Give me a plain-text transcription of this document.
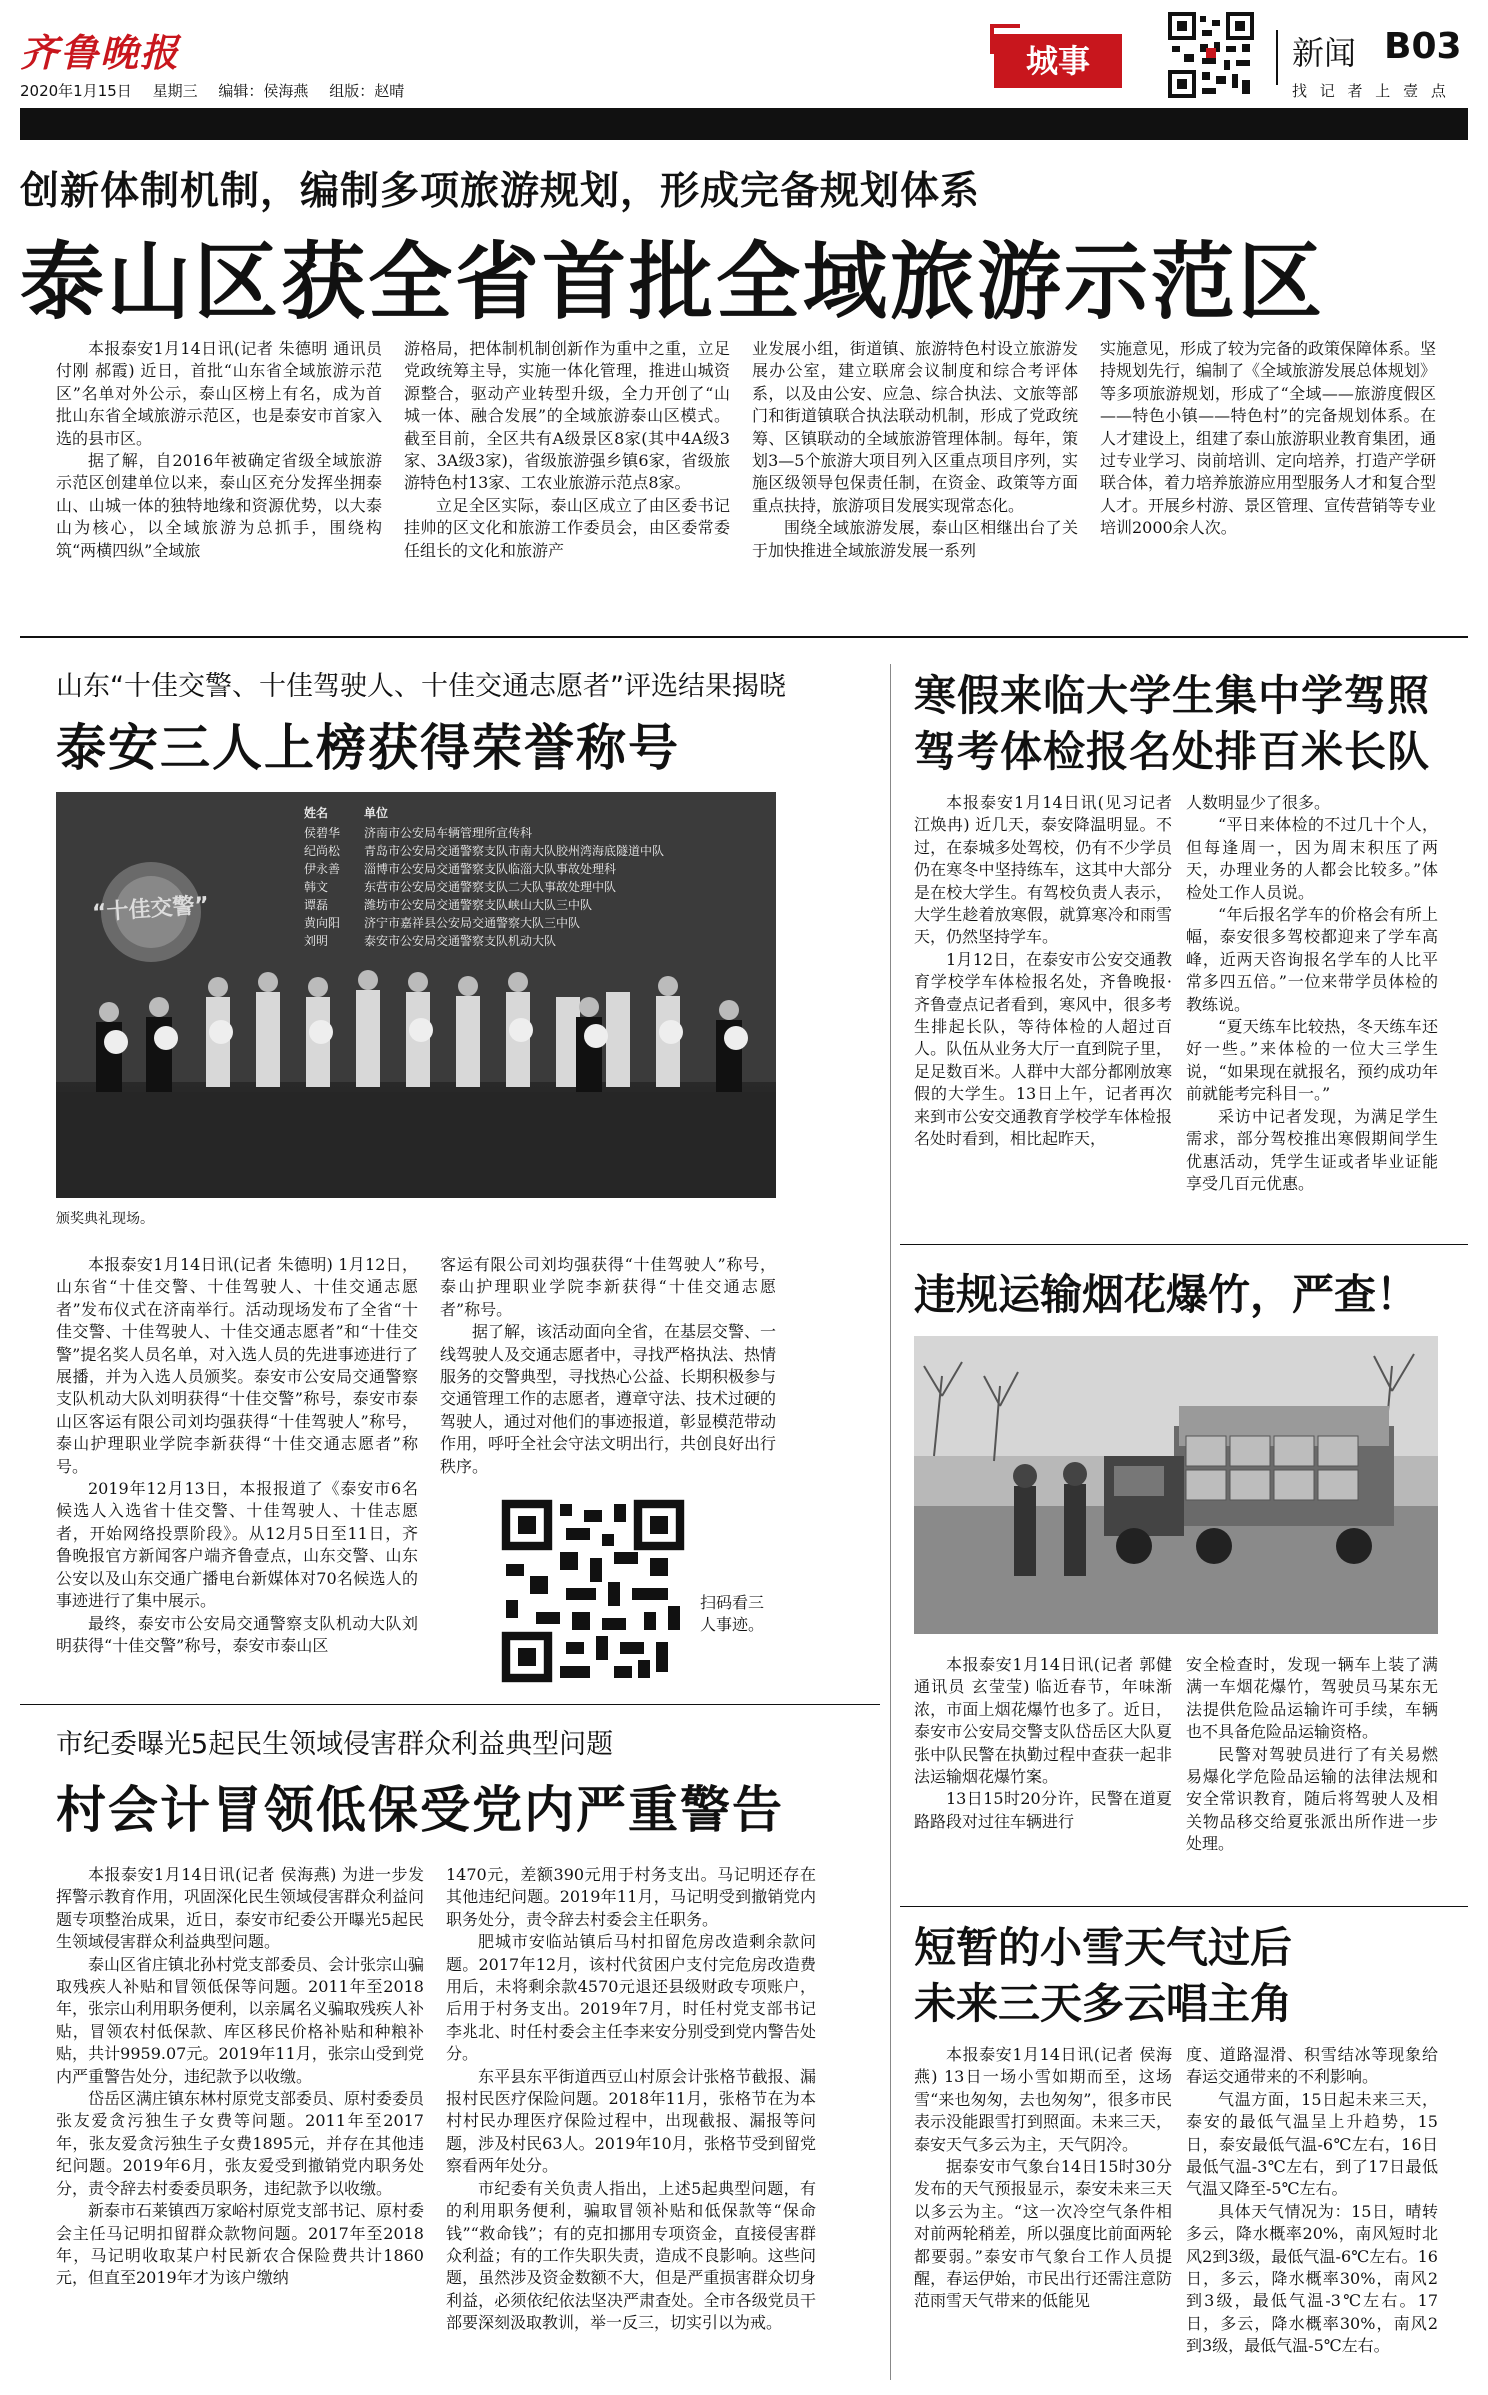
齐鲁晚报
2020年1月15日 星期三 编辑：侯海燕 组版：赵晴
城事	新闻 B03
找 记 者 上 壹 点
创新体制机制，编制多项旅游规划，形成完备规划体系
泰山区获全省首批全域旅游示范区

本报泰安1月14日讯(记者 朱德明 通讯员 付刚 郝霞) 近日，首批“山东省全域旅游示范区”名单对外公示，泰山区榜上有名，成为首批山东省全域旅游示范区，也是泰安市首家入选的县市区。

据了解，自2016年被确定省级全域旅游示范区创建单位以来，泰山区充分发挥坐拥泰山、山城一体的独特地缘和资源优势，以大泰山为核心，以全域旅游为总抓手，围绕构筑“两横四纵”全域旅

游格局，把体制机制创新作为重中之重，立足党政统筹主导，实施一体化管理，推进山城资源整合，驱动产业转型升级，全力开创了“山城一体、融合发展”的全域旅游泰山区模式。截至目前，全区共有A级景区8家(其中4A级3家、3A级3家)，省级旅游强乡镇6家，省级旅游特色村13家、工农业旅游示范点8家。

立足全区实际，泰山区成立了由区委书记挂帅的区文化和旅游工作委员会，由区委常委任组长的文化和旅游产

业发展小组，街道镇、旅游特色村设立旅游发展办公室，建立联席会议制度和综合考评体系，以及由公安、应急、综合执法、文旅等部门和街道镇联合执法联动机制，形成了党政统筹、区镇联动的全域旅游管理体制。每年，策划3—5个旅游大项目列入区重点项目序列，实施区级领导包保责任制，在资金、政策等方面重点扶持，旅游项目发展实现常态化。

围绕全域旅游发展，泰山区相继出台了关于加快推进全域旅游发展一系列

实施意见，形成了较为完备的政策保障体系。坚持规划先行，编制了《全域旅游发展总体规划》等多项旅游规划，形成了“全域——旅游度假区——特色小镇——特色村”的完备规划体系。在人才建设上，组建了泰山旅游职业教育集团，通过专业学习、岗前培训、定向培养，打造产学研联合体，着力培养旅游应用型服务人才和复合型人才。开展乡村游、景区管理、宣传营销等专业培训2000余人次。
山东“十佳交警、十佳驾驶人、十佳交通志愿者”评选结果揭晓
泰安三人上榜获得荣誉称号
“十佳交警”
姓名	单位
侯碧华	济南市公安局车辆管理所宣传科
纪尚松	青岛市公安局交通警察支队市南大队胶州湾海底隧道中队
伊永善	淄博市公安局交通警察支队临淄大队事故处理科
韩文	东营市公安局交通警察支队二大队事故处理中队
谭磊	潍坊市公安局交通警察支队峡山大队三中队
黄向阳	济宁市嘉祥县公安局交通警察大队三中队
刘明	泰安市公安局交通警察支队机动大队
颁奖典礼现场。

本报泰安1月14日讯(记者 朱德明) 1月12日，山东省“十佳交警、十佳驾驶人、十佳交通志愿者”发布仪式在济南举行。活动现场发布了全省“十佳交警、十佳驾驶人、十佳交通志愿者”和“十佳交警”提名奖人员名单，对入选人员的先进事迹进行了展播，并为入选人员颁奖。泰安市公安局交通警察支队机动大队刘明获得“十佳交警”称号，泰安市泰山区客运有限公司刘均强获得“十佳驾驶人”称号，泰山护理职业学院李新获得“十佳交通志愿者”称号。

2019年12月13日，本报报道了《泰安市6名候选人入选省十佳交警、十佳驾驶人、十佳志愿者，开始网络投票阶段》。从12月5日至11日，齐鲁晚报官方新闻客户端齐鲁壹点，山东交警、山东公安以及山东交通广播电台新媒体对70名候选人的事迹进行了集中展示。

最终，泰安市公安局交通警察支队机动大队刘明获得“十佳交警”称号，泰安市泰山区

客运有限公司刘均强获得“十佳驾驶人”称号，泰山护理职业学院李新获得“十佳交通志愿者”称号。

据了解，该活动面向全省，在基层交警、一线驾驶人及交通志愿者中，寻找严格执法、热情服务的交警典型，寻找热心公益、长期积极参与交通管理工作的志愿者，遵章守法、技术过硬的驾驶人，通过对他们的事迹报道，彰显模范带动作用，呼吁全社会守法文明出行，共创良好出行秩序。

扫码看三人事迹。
寒假来临大学生集中学驾照
驾考体检报名处排百米长队

本报泰安1月14日讯(见习记者 江焕冉) 近几天，泰安降温明显。不过，在泰城多处驾校，仍有不少学员仍在寒冬中坚持练车，这其中大部分是在校大学生。有驾校负责人表示，大学生趁着放寒假，就算寒冷和雨雪天，仍然坚持学车。

1月12日，在泰安市公安交通教育学校学车体检报名处，齐鲁晚报·齐鲁壹点记者看到，寒风中，很多考生排起长队，等待体检的人超过百人。队伍从业务大厅一直到院子里，足足数百米。人群中大部分都刚放寒假的大学生。13日上午，记者再次来到市公安交通教育学校学车体检报名处时看到，相比起昨天，

人数明显少了很多。

“平日来体检的不过几十个人，但每逢周一，因为周末积压了两天，办理业务的人都会比较多。”体检处工作人员说。

“年后报名学车的价格会有所上幅，泰安很多驾校都迎来了学车高峰，近两天咨询报名学车的人比平常多四五倍。”一位来带学员体检的教练说。

“夏天练车比较热，冬天练车还好一些。”来体检的一位大三学生说，“如果现在就报名，预约成功年前就能考完科目一。”

采访中记者发现，为满足学生需求，部分驾校推出寒假期间学生优惠活动，凭学生证或者毕业证能享受几百元优惠。

违规运输烟花爆竹，严查！

本报泰安1月14日讯(记者 郭健 通讯员 玄莹莹) 临近春节，年味渐浓，市面上烟花爆竹也多了。近日，泰安市公安局交警支队岱岳区大队夏张中队民警在执勤过程中查获一起非法运输烟花爆竹案。

13日15时20分许，民警在道夏路路段对过往车辆进行

安全检查时，发现一辆车上装了满满一车烟花爆竹，驾驶员马某东无法提供危险品运输许可手续，车辆也不具备危险品运输资格。

民警对驾驶员进行了有关易燃易爆化学危险品运输的法律法规和安全常识教育，随后将驾驶人及相关物品移交给夏张派出所作进一步处理。

市纪委曝光5起民生领域侵害群众利益典型问题
村会计冒领低保受党内严重警告

本报泰安1月14日讯(记者 侯海燕) 为进一步发挥警示教育作用，巩固深化民生领域侵害群众利益问题专项整治成果，近日，泰安市纪委公开曝光5起民生领域侵害群众利益典型问题。

泰山区省庄镇北孙村党支部委员、会计张宗山骗取残疾人补贴和冒领低保等问题。2011年至2018年，张宗山利用职务便利，以亲属名义骗取残疾人补贴，冒领农村低保款、库区移民价格补贴和种粮补贴，共计9959.07元。2019年11月，张宗山受到党内严重警告处分，违纪款予以收缴。

岱岳区满庄镇东林村原党支部委员、原村委委员张友爱贪污独生子女费等问题。2011年至2017年，张友爱贪污独生子女费1895元，并存在其他违纪问题。2019年6月，张友爱受到撤销党内职务处分，责令辞去村委委员职务，违纪款予以收缴。

新泰市石莱镇西万家峪村原党支部书记、原村委会主任马记明扣留群众款物问题。2017年至2018年，马记明收取某户村民新农合保险费共计1860元，但直至2019年才为该户缴纳

1470元，差额390元用于村务支出。马记明还存在其他违纪问题。2019年11月，马记明受到撤销党内职务处分，责令辞去村委会主任职务。

肥城市安临站镇后马村扣留危房改造剩余款问题。2017年12月，该村代贫困户支付完危房改造费用后，未将剩余款4570元退还县级财政专项账户，后用于村务支出。2019年7月，时任村党支部书记李兆北、时任村委会主任李来安分别受到党内警告处分。

东平县东平街道西豆山村原会计张格节截报、漏报村民医疗保险问题。2018年11月，张格节在为本村村民办理医疗保险过程中，出现截报、漏报等问题，涉及村民63人。2019年10月，张格节受到留党察看两年处分。

市纪委有关负责人指出，上述5起典型问题，有的利用职务便利，骗取冒领补贴和低保款等“保命钱”“救命钱”；有的克扣挪用专项资金，直接侵害群众利益；有的工作失职失责，造成不良影响。这些问题，虽然涉及资金数额不大，但是严重损害群众切身利益，必须依纪依法坚决严肃查处。全市各级党员干部要深刻汲取教训，举一反三，切实引以为戒。

短暂的小雪天气过后
未来三天多云唱主角

本报泰安1月14日讯(记者 侯海燕) 13日一场小雪如期而至，这场雪“来也匆匆，去也匆匆”，很多市民表示没能跟雪打到照面。未来三天，泰安天气多云为主，天气阴冷。

据泰安市气象台14日15时30分发布的天气预报显示，泰安未来三天以多云为主。“这一次冷空气条件相对前两轮稍差，所以强度比前面两轮都要弱。”泰安市气象台工作人员提醒，春运伊始，市民出行还需注意防范雨雪天气带来的低能见

度、道路湿滑、积雪结冰等现象给春运交通带来的不利影响。

气温方面，15日起未来三天，泰安的最低气温呈上升趋势，15日，泰安最低气温-6℃左右，16日最低气温-3℃左右，到了17日最低气温又降至-5℃左右。

具体天气情况为：15日，晴转多云，降水概率20%，南风短时北风2到3级，最低气温-6℃左右。16日，多云，降水概率30%，南风2到3级，最低气温-3℃左右。17日，多云，降水概率30%，南风2到3级，最低气温-5℃左右。
